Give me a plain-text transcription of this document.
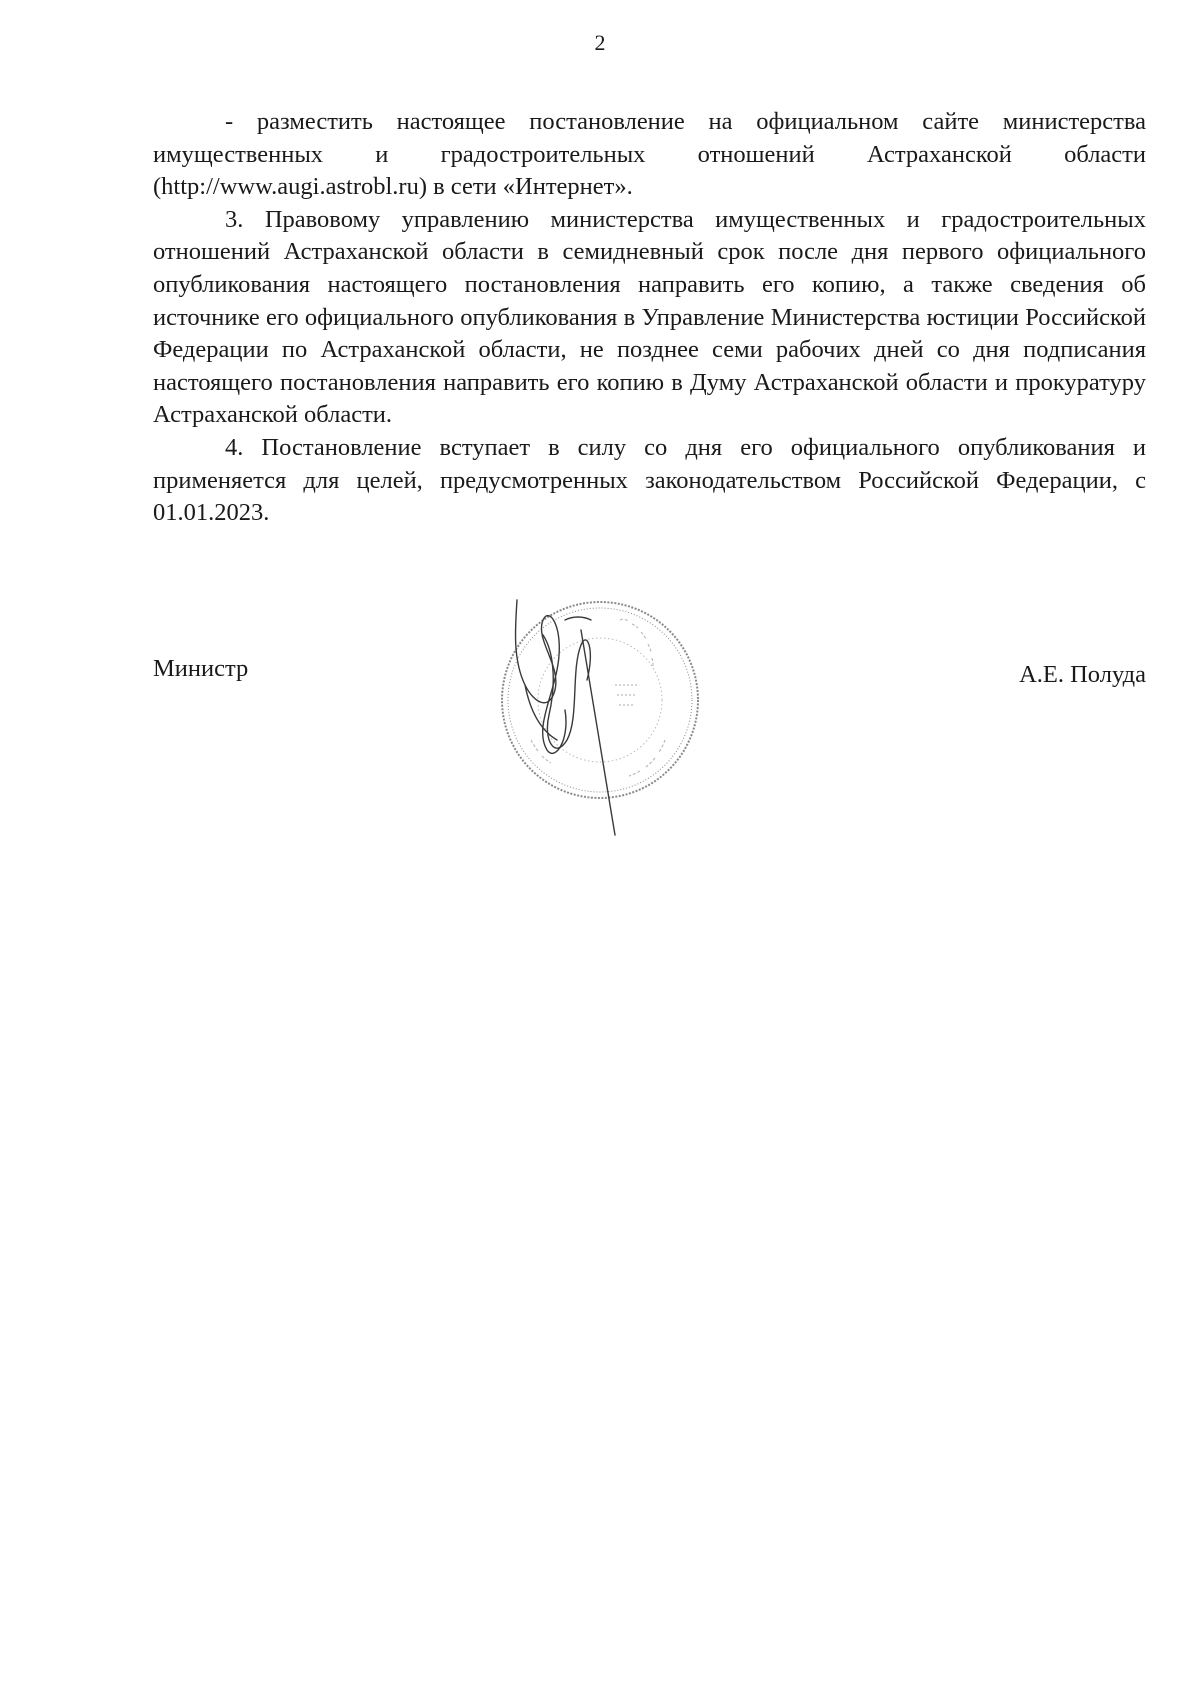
2

- разместить настоящее постановление на официальном сайте министерства имущественных и градостроительных отношений Астраханской области (http://www.augi.astrobl.ru) в сети «Интернет».

3. Правовому управлению министерства имущественных и градостроительных отношений Астраханской области в семидневный срок после дня первого официального опубликования настоящего постановления направить его копию, а также сведения об источнике его официального опубликования в Управление Министерства юстиции Российской Федерации по Астраханской области, не позднее семи рабочих дней со дня подписания настоящего постановления направить его копию в Думу Астраханской области и прокуратуру Астраханской области.

4. Постановление вступает в силу со дня его официального опубликования и применяется для целей, предусмотренных законодательством Российской Федерации, с 01.01.2023.

Министр	А.Е. Полуда
